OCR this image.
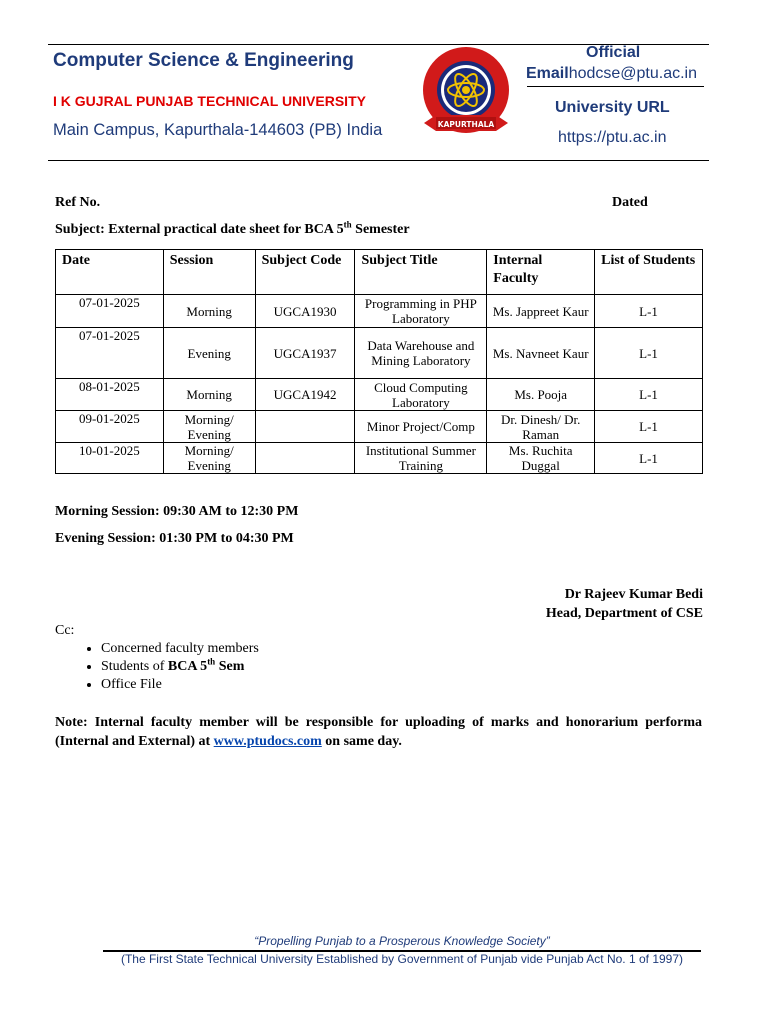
Computer Science & Engineering
I K GUJRAL PUNJAB TECHNICAL UNIVERSITY
Main Campus, Kapurthala-144603 (PB) India	KAPURTHALA
Official
Emailhodcse@ptu.ac.in
University URL
https://ptu.ac.in
Ref No.	Dated
Subject: External practical date sheet for BCA 5th Semester
Date	Session	Subject Code	Subject Title	Internal Faculty	List of Students
07-01-2025	Morning	UGCA1930	Programming in PHP Laboratory	Ms. Jappreet Kaur	L-1
07-01-2025	Evening	UGCA1937	Data Warehouse and Mining Laboratory	Ms. Navneet Kaur	L-1
08-01-2025	Morning	UGCA1942	Cloud Computing Laboratory	Ms. Pooja	L-1
09-01-2025	Morning/ Evening		Minor Project/Comp	Dr. Dinesh/ Dr. Raman	L-1
10-01-2025	Morning/ Evening		Institutional Summer Training	Ms. Ruchita Duggal	L-1
Morning Session: 09:30 AM to 12:30 PM
Evening Session: 01:30 PM to 04:30 PM
Dr Rajeev Kumar Bedi
Head, Department of CSE
Cc:
• Concerned faculty members
• Students of BCA 5th Sem
• Office File
Note: Internal faculty member will be responsible for uploading of marks and honorarium performa (Internal and External) at www.ptudocs.com on same day.
“Propelling Punjab to a Prosperous Knowledge Society”
(The First State Technical University Established by Government of Punjab vide Punjab Act No. 1 of 1997)
